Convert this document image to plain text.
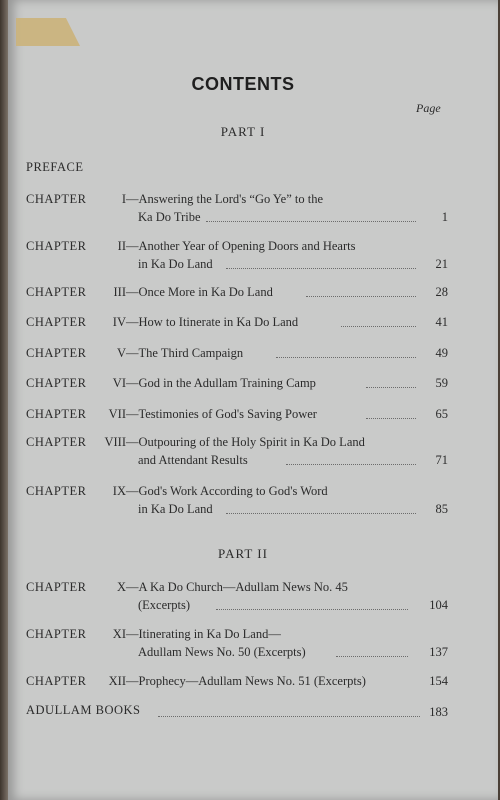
CONTENTS
Page
PART I
PREFACE
CHAPTER	I —Answering the Lord's “Go Ye” to the
Ka Do Tribe	1
CHAPTER	II —Another Year of Opening Doors and Hearts
in Ka Do Land	21
CHAPTER	III —Once More in Ka Do Land	28
CHAPTER	IV —How to Itinerate in Ka Do Land	41
CHAPTER	V —The Third Campaign	49
CHAPTER	VI —God in the Adullam Training Camp	59
CHAPTER	VII —Testimonies of God's Saving Power	65
CHAPTER	VIII —Outpouring of the Holy Spirit in Ka Do Land
and Attendant Results	71
CHAPTER	IX —God's Work According to God's Word
in Ka Do Land	85
PART II
CHAPTER	X —A Ka Do Church—Adullam News No. 45
(Excerpts)	104
CHAPTER	XI —Itinerating in Ka Do Land—
Adullam News No. 50 (Excerpts)	137
CHAPTER	XII —Prophecy—Adullam News No. 51 (Excerpts)	154
ADULLAM BOOKS	183
